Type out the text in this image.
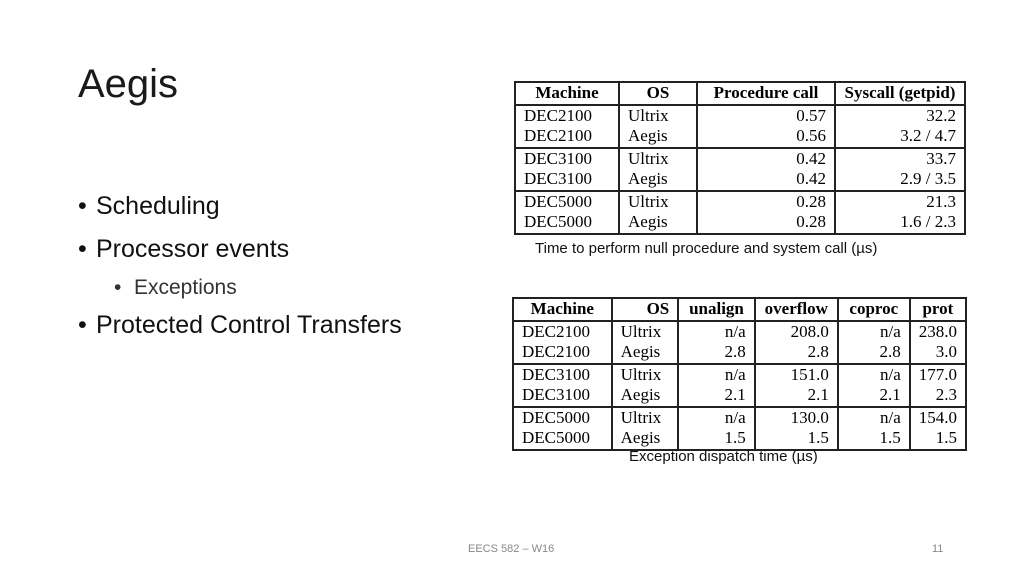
Aegis
• Scheduling
• Processor events
• Exceptions
• Protected Control Transfers
Machine	OS	Procedure call	Syscall (getpid)
DEC2100	Ultrix	0.57	32.2
DEC2100	Aegis	0.56	3.2 / 4.7
DEC3100	Ultrix	0.42	33.7
DEC3100	Aegis	0.42	2.9 / 3.5
DEC5000	Ultrix	0.28	21.3
DEC5000	Aegis	0.28	1.6 / 2.3
Time to perform null procedure and system call (µs)
Machine	OS	unalign	overflow	coproc	prot
DEC2100	Ultrix	n/a	208.0	n/a	238.0
DEC2100	Aegis	2.8	2.8	2.8	3.0
DEC3100	Ultrix	n/a	151.0	n/a	177.0
DEC3100	Aegis	2.1	2.1	2.1	2.3
DEC5000	Ultrix	n/a	130.0	n/a	154.0
DEC5000	Aegis	1.5	1.5	1.5	1.5
Exception dispatch time (µs)
EECS 582 – W16	11
